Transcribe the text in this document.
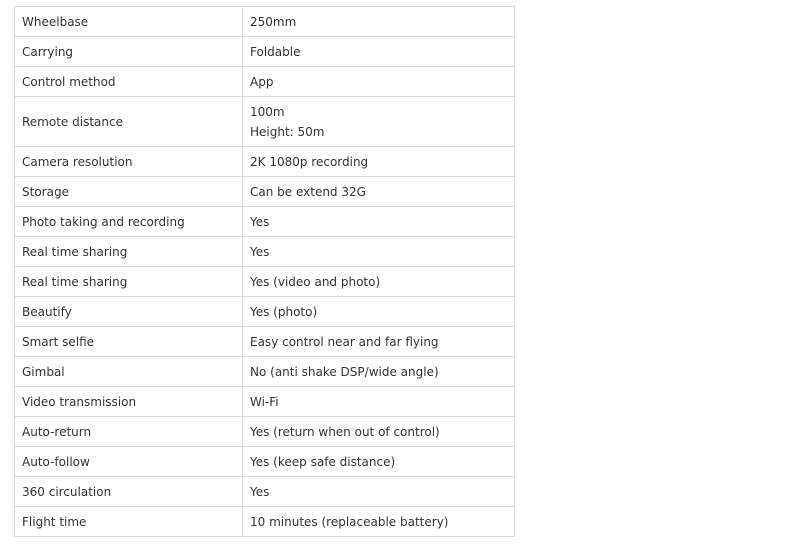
Wheelbase	250mm

Carrying	Foldable

Control method	App

Remote distance	100m
Height: 50m

Camera resolution	2K 1080p recording

Storage	Can be extend 32G

Photo taking and recording	Yes

Real time sharing	Yes

Real time sharing	Yes (video and photo)

Beautify	Yes (photo)

Smart selfie	Easy control near and far flying

Gimbal	No (anti shake DSP/wide angle)

Video transmission	Wi-Fi

Auto-return	Yes (return when out of control)

Auto-follow	Yes (keep safe distance)

360 circulation	Yes

Flight time	10 minutes (replaceable battery)
